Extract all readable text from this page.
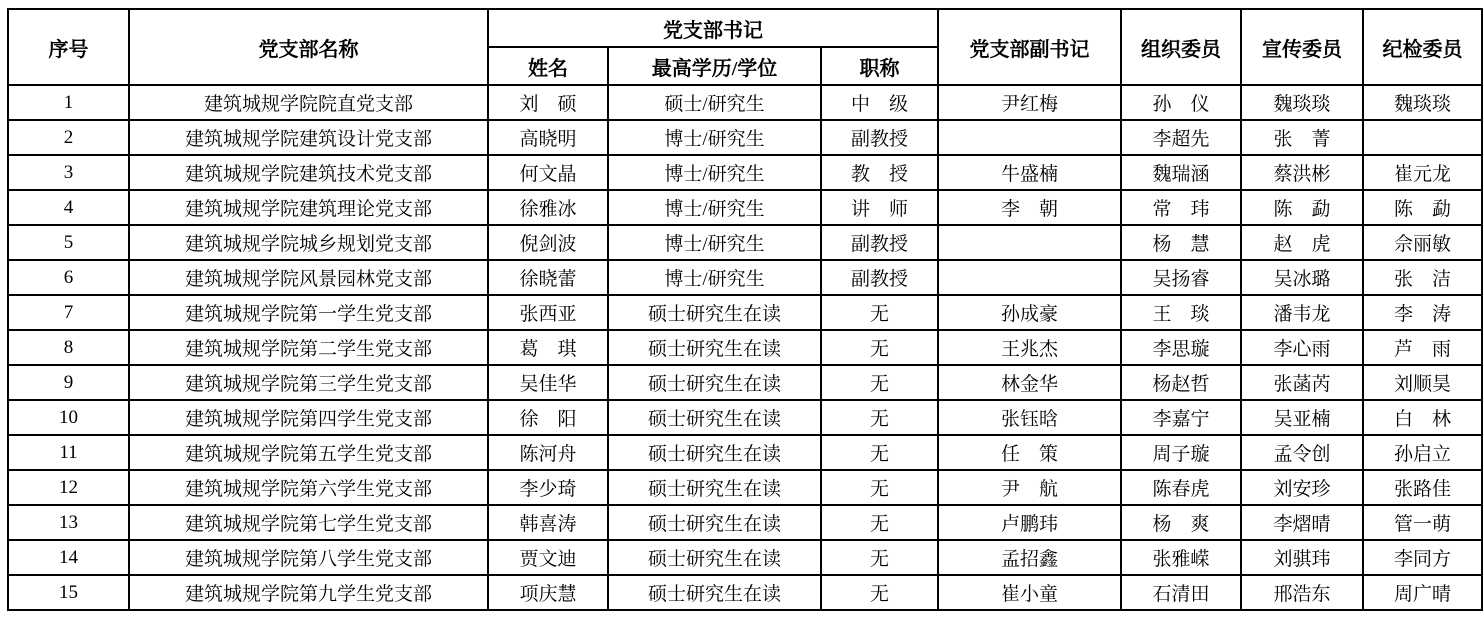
序号	党支部名称	党支部书记			党支部副书记	组织委员	宣传委员	纪检委员
		姓名	最高学历/学位	职称				
1	建筑城规学院院直党支部	刘　硕	硕士/研究生	中　级	尹红梅	孙　仪	魏琰琰	魏琰琰
2	建筑城规学院建筑设计党支部	高晓明	博士/研究生	副教授		李超先	张　菁	
3	建筑城规学院建筑技术党支部	何文晶	博士/研究生	教　授	牛盛楠	魏瑞涵	蔡洪彬	崔元龙
4	建筑城规学院建筑理论党支部	徐雅冰	博士/研究生	讲　师	李　朝	常　玮	陈　勐	陈　勐
5	建筑城规学院城乡规划党支部	倪剑波	博士/研究生	副教授		杨　慧	赵　虎	佘丽敏
6	建筑城规学院风景园林党支部	徐晓蕾	博士/研究生	副教授		吴扬睿	吴冰璐	张　洁
7	建筑城规学院第一学生党支部	张西亚	硕士研究生在读	无	孙成豪	王　琰	潘韦龙	李　涛
8	建筑城规学院第二学生党支部	葛　琪	硕士研究生在读	无	王兆杰	李思璇	李心雨	芦　雨
9	建筑城规学院第三学生党支部	吴佳华	硕士研究生在读	无	林金华	杨赵哲	张菡芮	刘顺昊
10	建筑城规学院第四学生党支部	徐　阳	硕士研究生在读	无	张钰晗	李嘉宁	吴亚楠	白　林
11	建筑城规学院第五学生党支部	陈河舟	硕士研究生在读	无	任　策	周子璇	孟令创	孙启立
12	建筑城规学院第六学生党支部	李少琦	硕士研究生在读	无	尹　航	陈春虎	刘安珍	张路佳
13	建筑城规学院第七学生党支部	韩喜涛	硕士研究生在读	无	卢鹏玮	杨　爽	李熠晴	管一萌
14	建筑城规学院第八学生党支部	贾文迪	硕士研究生在读	无	孟招鑫	张雅嵘	刘骐玮	李同方
15	建筑城规学院第九学生党支部	项庆慧	硕士研究生在读	无	崔小童	石清田	邢浩东	周广晴
